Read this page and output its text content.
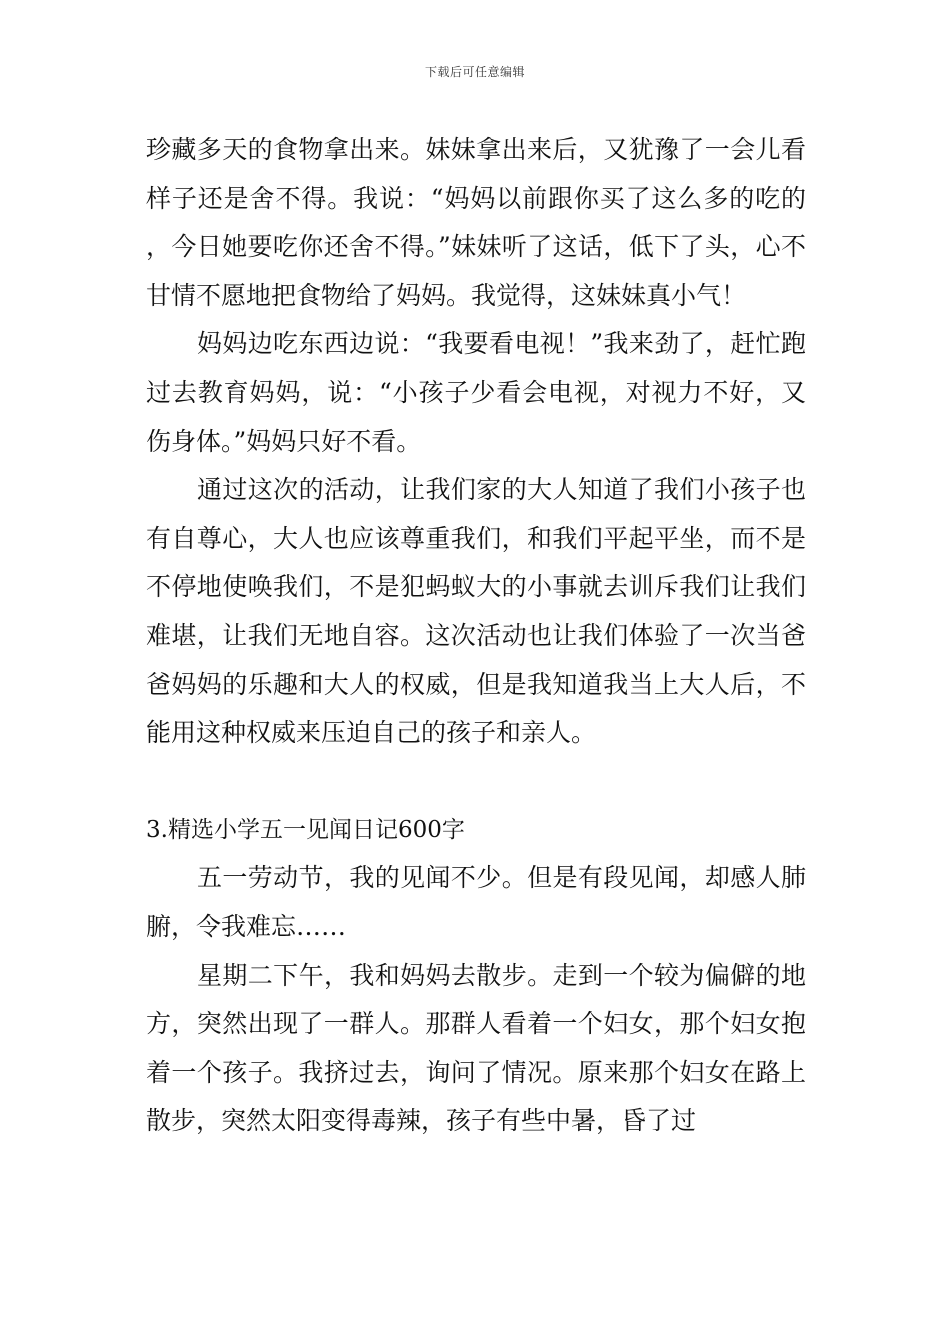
下载后可任意编辑

珍藏多天的食物拿出来。妹妹拿出来后，又犹豫了一会儿看样子还是舍不得。我说：“妈妈以前跟你买了这么多的吃的，今日她要吃你还舍不得。”妹妹听了这话，低下了头，心不甘情不愿地把食物给了妈妈。我觉得，这妹妹真小气！

妈妈边吃东西边说：“我要看电视！”我来劲了，赶忙跑过去教育妈妈，说：“小孩子少看会电视，对视力不好，又伤身体。”妈妈只好不看。

通过这次的活动，让我们家的大人知道了我们小孩子也有自尊心，大人也应该尊重我们，和我们平起平坐，而不是不停地使唤我们，不是犯蚂蚁大的小事就去训斥我们让我们难堪，让我们无地自容。这次活动也让我们体验了一次当爸爸妈妈的乐趣和大人的权威，但是我知道我当上大人后，不能用这种权威来压迫自己的孩子和亲人。

3.精选小学五一见闻日记600字

五一劳动节，我的见闻不少。但是有段见闻，却感人肺腑，令我难忘……

星期二下午，我和妈妈去散步。走到一个较为偏僻的地方，突然出现了一群人。那群人看着一个妇女，那个妇女抱着一个孩子。我挤过去，询问了情况。原来那个妇女在路上散步，突然太阳变得毒辣，孩子有些中暑，昏了过
